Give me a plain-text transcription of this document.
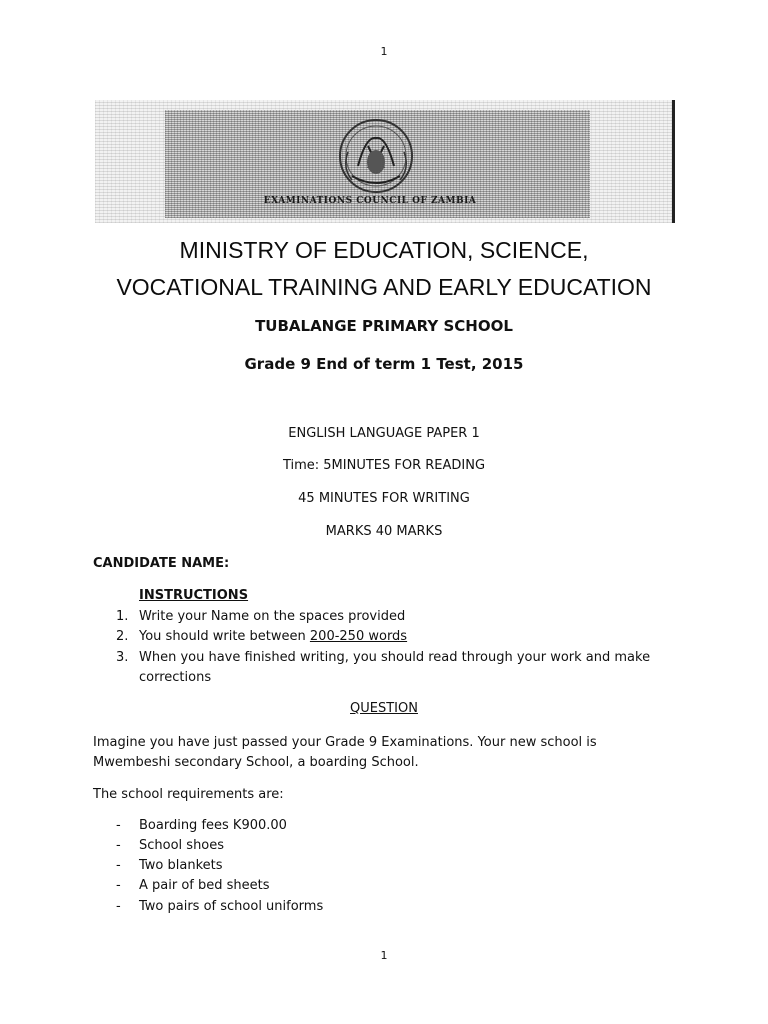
1
EXAMINATIONS COUNCIL OF ZAMBIA
MINISTRY OF EDUCATION, SCIENCE,
VOCATIONAL TRAINING AND EARLY EDUCATION
TUBALANGE PRIMARY SCHOOL
Grade 9 End of term 1 Test, 2015
ENGLISH LANGUAGE PAPER 1
Time: 5MINUTES FOR READING
45 MINUTES FOR WRITING
MARKS 40 MARKS
CANDIDATE NAME:
INSTRUCTIONS
1. Write your Name on the spaces provided
2. You should write between 200-250 words
3. When you have finished writing, you should read through your work and make corrections
QUESTION
Imagine you have just passed your Grade 9 Examinations. Your new school is Mwembeshi secondary School, a boarding School.
The school requirements are:
- Boarding fees K900.00
- School shoes
- Two blankets
- A pair of bed sheets
- Two pairs of school uniforms
1
